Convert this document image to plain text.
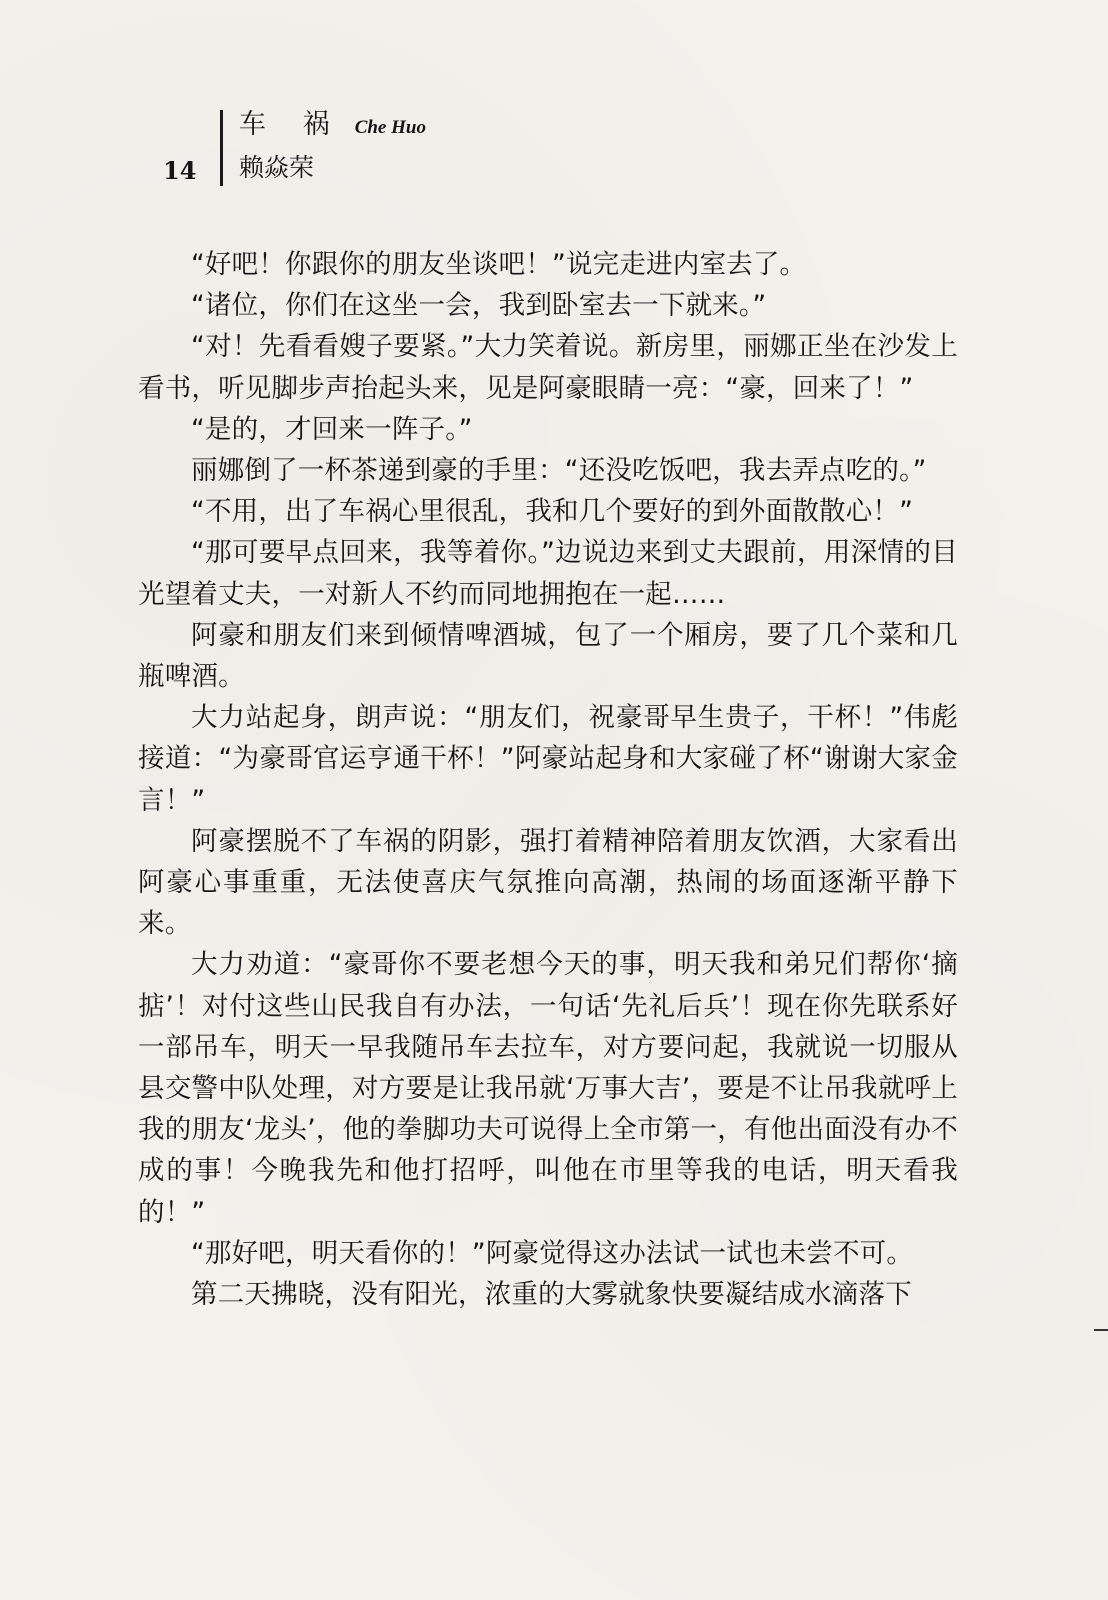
14
车 祸 Che Huo
赖焱荣

“好吧！你跟你的朋友坐谈吧！”说完走进内室去了。

“诸位，你们在这坐一会，我到卧室去一下就来。”

“对！先看看嫂子要紧。”大力笑着说。新房里，丽娜正坐在沙发上看书，听见脚步声抬起头来，见是阿豪眼睛一亮：“豪，回来了！”

“是的，才回来一阵子。”

丽娜倒了一杯茶递到豪的手里：“还没吃饭吧，我去弄点吃的。”

“不用，出了车祸心里很乱，我和几个要好的到外面散散心！”

“那可要早点回来，我等着你。”边说边来到丈夫跟前，用深情的目光望着丈夫，一对新人不约而同地拥抱在一起……

阿豪和朋友们来到倾情啤酒城，包了一个厢房，要了几个菜和几瓶啤酒。

大力站起身，朗声说：“朋友们，祝豪哥早生贵子，干杯！”伟彪接道：“为豪哥官运亨通干杯！”阿豪站起身和大家碰了杯“谢谢大家金言！”

阿豪摆脱不了车祸的阴影，强打着精神陪着朋友饮酒，大家看出阿豪心事重重，无法使喜庆气氛推向高潮，热闹的场面逐渐平静下来。

大力劝道：“豪哥你不要老想今天的事，明天我和弟兄们帮你‘摘掂’！对付这些山民我自有办法，一句话‘先礼后兵’！现在你先联系好一部吊车，明天一早我随吊车去拉车，对方要问起，我就说一切服从县交警中队处理，对方要是让我吊就‘万事大吉’，要是不让吊我就呼上我的朋友‘龙头’，他的拳脚功夫可说得上全市第一，有他出面没有办不成的事！今晚我先和他打招呼，叫他在市里等我的电话，明天看我的！”

“那好吧，明天看你的！”阿豪觉得这办法试一试也未尝不可。

第二天拂晓，没有阳光，浓重的大雾就象快要凝结成水滴落下
